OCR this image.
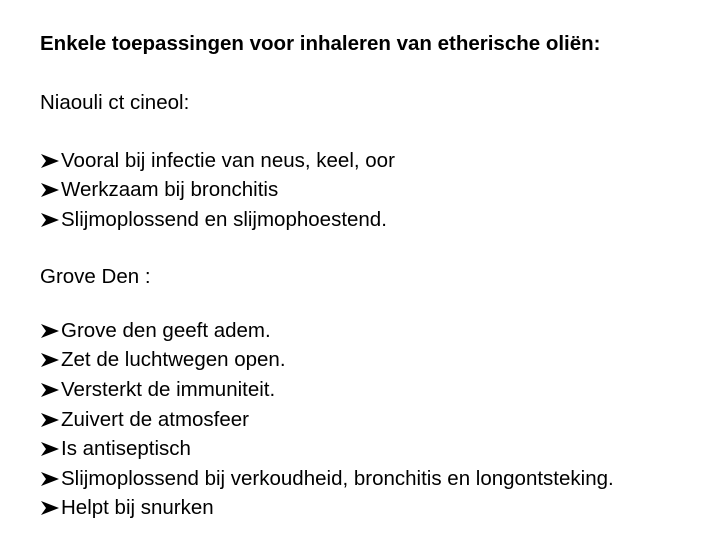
Enkele toepassingen voor inhaleren van etherische oliën:
Niaouli ct cineol:
Vooral bij infectie van neus, keel, oor
Werkzaam bij bronchitis
Slijmoplossend en slijmophoestend.
Grove Den :
Grove den geeft adem.
Zet de luchtwegen open.
Versterkt de immuniteit.
Zuivert de atmosfeer
Is antiseptisch
Slijmoplossend bij verkoudheid, bronchitis en longontsteking.
Helpt bij snurken
